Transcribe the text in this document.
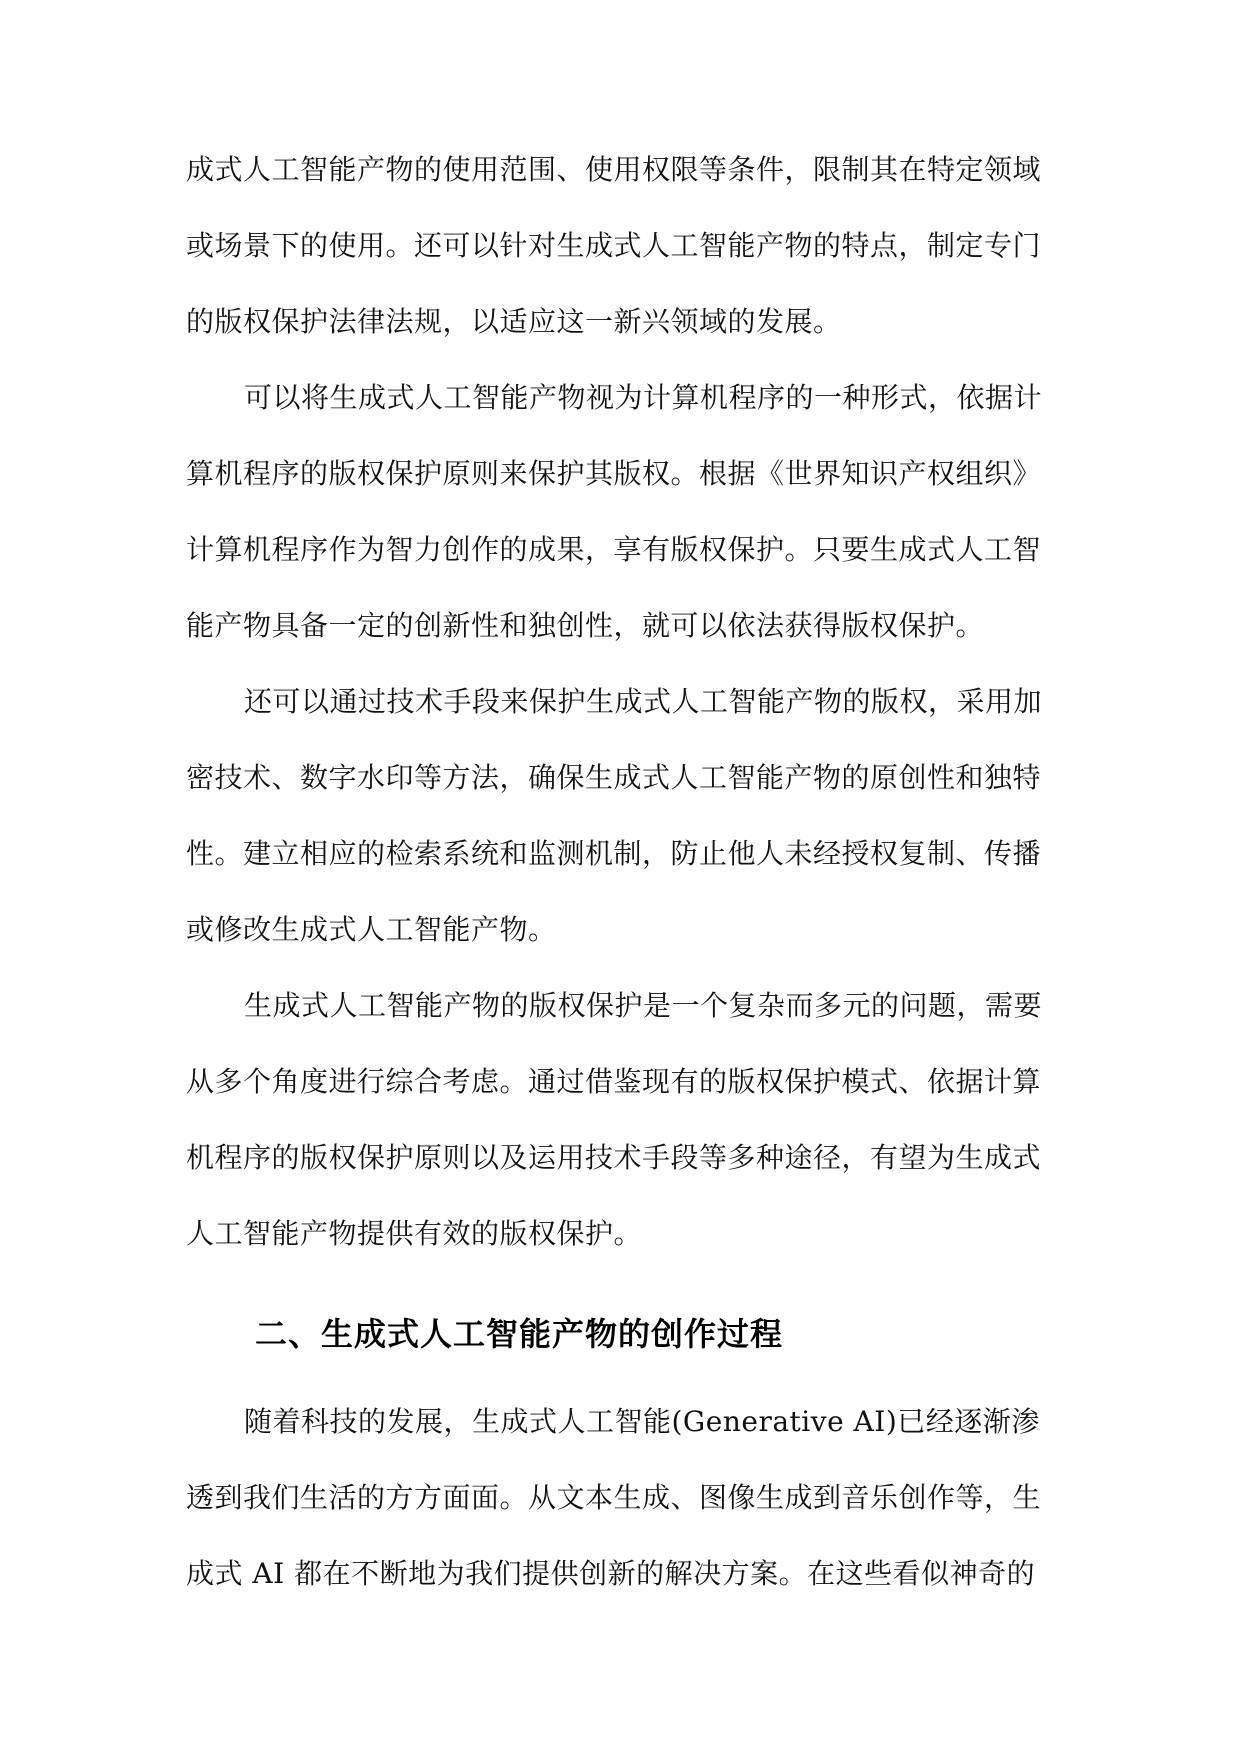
成式人工智能产物的使用范围、使用权限等条件，限制其在特定领域
或场景下的使用。还可以针对生成式人工智能产物的特点，制定专门
的版权保护法律法规，以适应这一新兴领域的发展。
可以将生成式人工智能产物视为计算机程序的一种形式，依据计
算机程序的版权保护原则来保护其版权。根据《世界知识产权组织》
计算机程序作为智力创作的成果，享有版权保护。只要生成式人工智
能产物具备一定的创新性和独创性，就可以依法获得版权保护。
还可以通过技术手段来保护生成式人工智能产物的版权，采用加
密技术、数字水印等方法，确保生成式人工智能产物的原创性和独特
性。建立相应的检索系统和监测机制，防止他人未经授权复制、传播
或修改生成式人工智能产物。
生成式人工智能产物的版权保护是一个复杂而多元的问题，需要
从多个角度进行综合考虑。通过借鉴现有的版权保护模式、依据计算
机程序的版权保护原则以及运用技术手段等多种途径，有望为生成式
人工智能产物提供有效的版权保护。
二、生成式人工智能产物的创作过程
随着科技的发展，生成式人工智能(Generative AI)已经逐渐渗
透到我们生活的方方面面。从文本生成、图像生成到音乐创作等，生
成式 AI 都在不断地为我们提供创新的解决方案。在这些看似神奇的
